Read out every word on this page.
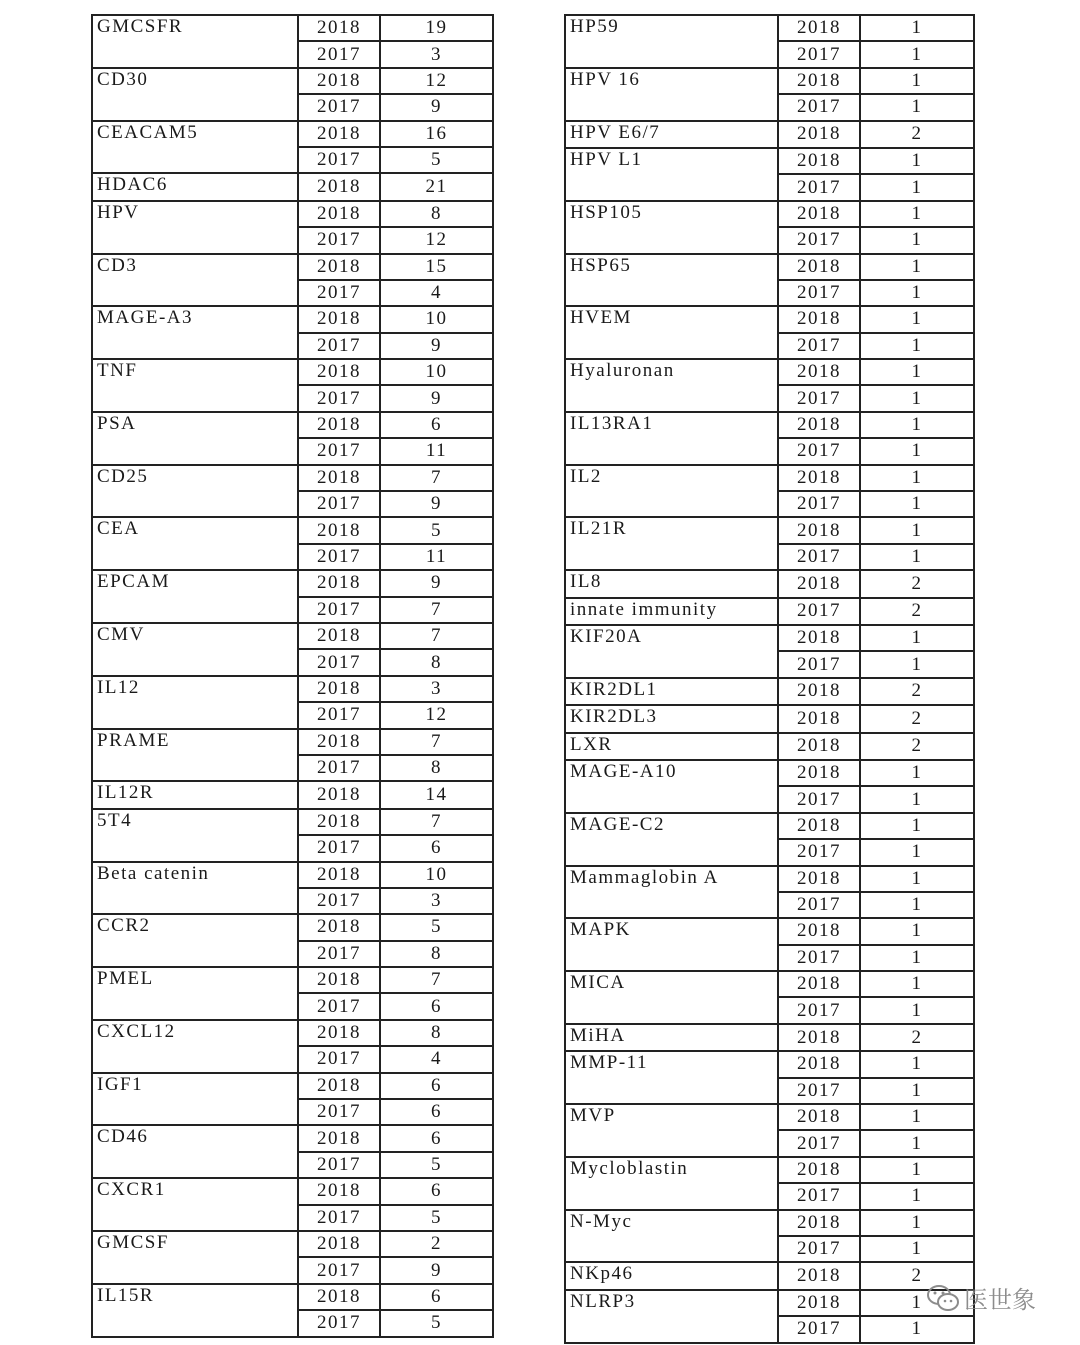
GMCSFR	2018	19
	2017	3
CD30	2018	12
	2017	9
CEACAM5	2018	16
	2017	5
HDAC6	2018	21
HPV	2018	8
	2017	12
CD3	2018	15
	2017	4
MAGE-A3	2018	10
	2017	9
TNF	2018	10
	2017	9
PSA	2018	6
	2017	11
CD25	2018	7
	2017	9
CEA	2018	5
	2017	11
EPCAM	2018	9
	2017	7
CMV	2018	7
	2017	8
IL12	2018	3
	2017	12
PRAME	2018	7
	2017	8
IL12R	2018	14
5T4	2018	7
	2017	6
Beta catenin	2018	10
	2017	3
CCR2	2018	5
	2017	8
PMEL	2018	7
	2017	6
CXCL12	2018	8
	2017	4
IGF1	2018	6
	2017	6
CD46	2018	6
	2017	5
CXCR1	2018	6
	2017	5
GMCSF	2018	2
	2017	9
IL15R	2018	6
	2017	5
HP59	2018	1
	2017	1
HPV 16	2018	1
	2017	1
HPV E6/7	2018	2
HPV L1	2018	1
	2017	1
HSP105	2018	1
	2017	1
HSP65	2018	1
	2017	1
HVEM	2018	1
	2017	1
Hyaluronan	2018	1
	2017	1
IL13RA1	2018	1
	2017	1
IL2	2018	1
	2017	1
IL21R	2018	1
	2017	1
IL8	2018	2
innate immunity	2017	2
KIF20A	2018	1
	2017	1
KIR2DL1	2018	2
KIR2DL3	2018	2
LXR	2018	2
MAGE-A10	2018	1
	2017	1
MAGE-C2	2018	1
	2017	1
Mammaglobin A	2018	1
	2017	1
MAPK	2018	1
	2017	1
MICA	2018	1
	2017	1
MiHA	2018	2
MMP-11	2018	1
	2017	1
MVP	2018	1
	2017	1
Mycloblastin	2018	1
	2017	1
N-Myc	2018	1
	2017	1
NKp46	2018	2
NLRP3	2018	1
	2017	1
医世象
